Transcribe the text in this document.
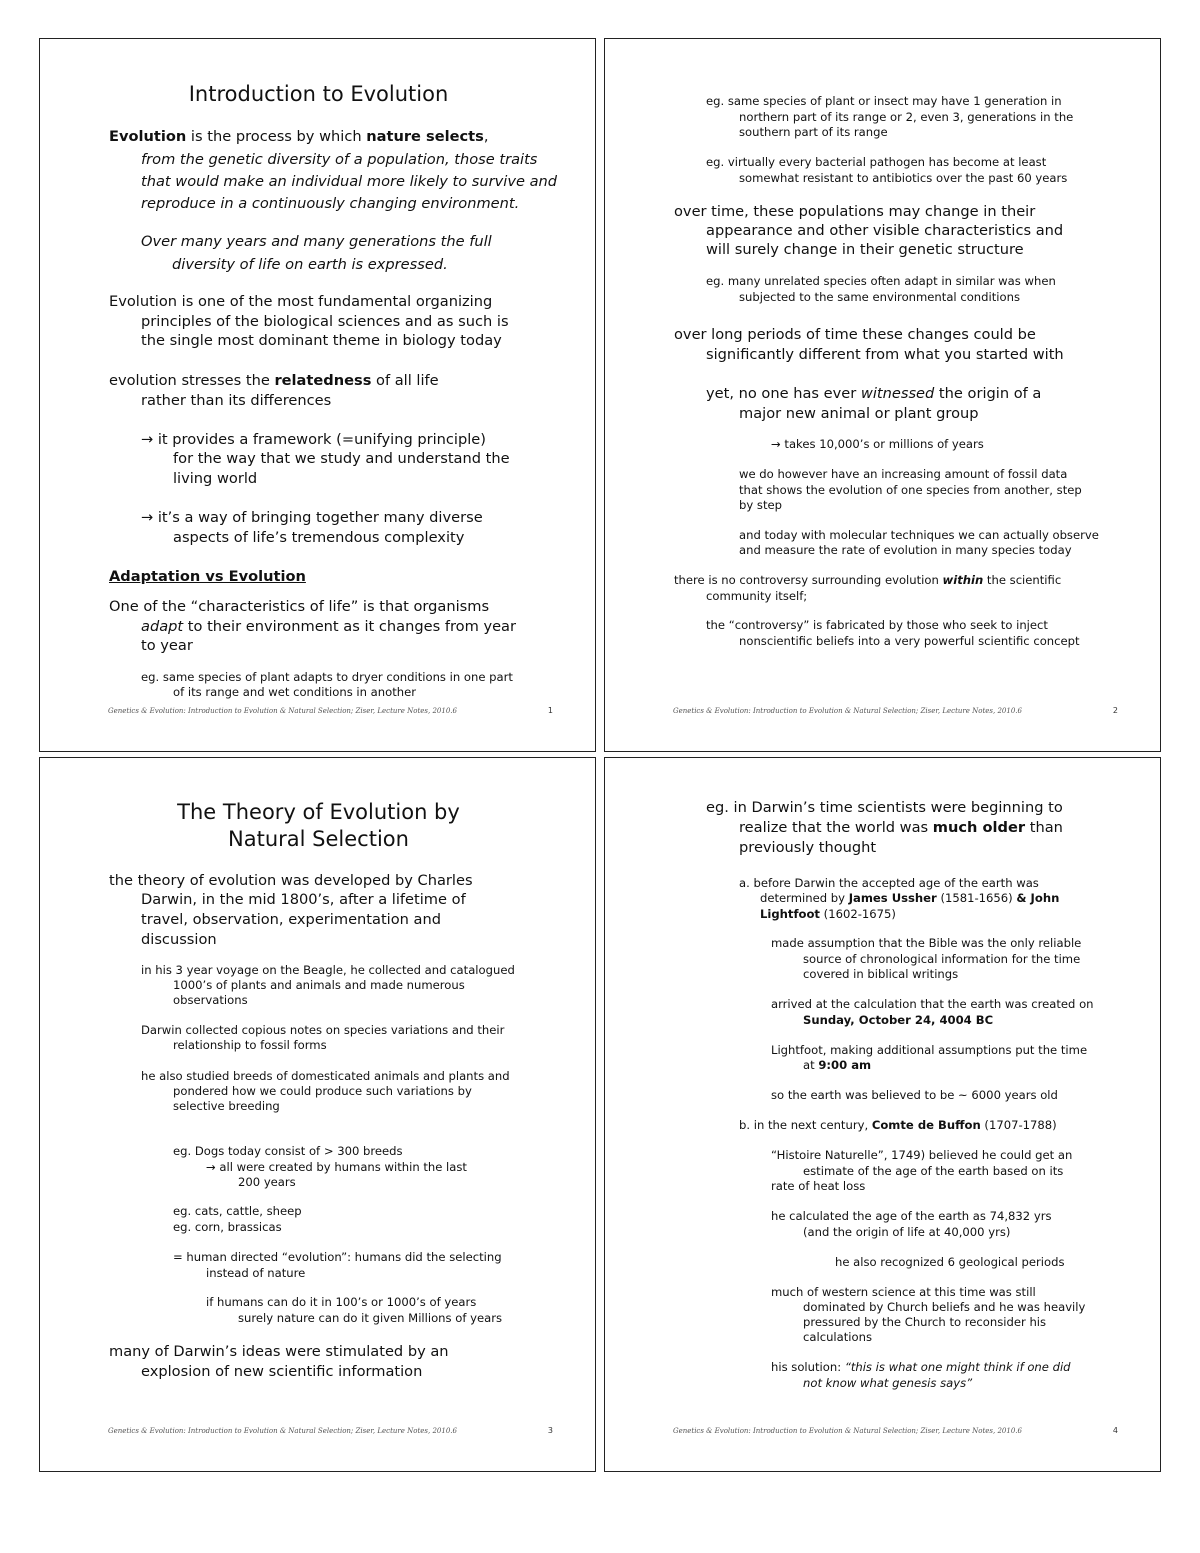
Introduction to Evolution

Evolution is the process by which nature selects,

from the genetic diversity of a population, those traits

that would make an individual more likely to survive and

reproduce in a continuously changing environment.

Over many years and many generations the full

diversity of life on earth is expressed.

Evolution is one of the most fundamental organizing

principles of the biological sciences and as such is

the single most dominant theme in biology today

evolution stresses the relatedness of all life

rather than its differences

→ it provides a framework (=unifying principle)

for the way that we study and understand the

living world

→ it’s a way of bringing together many diverse

aspects of life’s tremendous complexity

Adaptation vs Evolution

One of the “characteristics of life” is that organisms

adapt to their environment as it changes from year

to year

eg. same species of plant adapts to dryer conditions in one part

of its range and wet conditions in another

Genetics & Evolution: Introduction to Evolution & Natural Selection; Ziser, Lecture Notes, 2010.6	1

eg. same species of plant or insect may have 1 generation in

northern part of its range or 2, even 3, generations in the

southern part of its range

eg. virtually every bacterial pathogen has become at least

somewhat resistant to antibiotics over the past 60 years

over time, these populations may change in their

appearance and other visible characteristics and

will surely change in their genetic structure

eg. many unrelated species often adapt in similar was when

subjected to the same environmental conditions

over long periods of time these changes could be

significantly different from what you started with

yet, no one has ever witnessed the origin of a

major new animal or plant group

→ takes 10,000’s or millions of years

we do however have an increasing amount of fossil data

that shows the evolution of one species from another, step

by step

and today with molecular techniques we can actually observe

and measure the rate of evolution in many species today

there is no controversy surrounding evolution within the scientific

community itself;

the “controversy” is fabricated by those who seek to inject

nonscientific beliefs into a very powerful scientific concept

Genetics & Evolution: Introduction to Evolution & Natural Selection; Ziser, Lecture Notes, 2010.6	2

The Theory of Evolution by

Natural Selection

the theory of evolution was developed by Charles

Darwin, in the mid 1800’s, after a lifetime of

travel, observation, experimentation and

discussion

in his 3 year voyage on the Beagle, he collected and catalogued

1000’s of plants and animals and made numerous

observations

Darwin collected copious notes on species variations and their

relationship to fossil forms

he also studied breeds of domesticated animals and plants and

pondered how we could produce such variations by

selective breeding

eg. Dogs today consist of > 300 breeds

→ all were created by humans within the last

200 years

eg. cats, cattle, sheep

eg. corn, brassicas

= human directed “evolution”: humans did the selecting

instead of nature

if humans can do it in 100’s or 1000’s of years

surely nature can do it given Millions of years

many of Darwin’s ideas were stimulated by an

explosion of new scientific information

Genetics & Evolution: Introduction to Evolution & Natural Selection; Ziser, Lecture Notes, 2010.6	3

eg. in Darwin’s time scientists were beginning to

realize that the world was much older than

previously thought

a. before Darwin the accepted age of the earth was

determined by James Ussher (1581-1656) & John

Lightfoot (1602-1675)

made assumption that the Bible was the only reliable

source of chronological information for the time

covered in biblical writings

arrived at the calculation that the earth was created on

Sunday, October 24, 4004 BC

Lightfoot, making additional assumptions put the time

at 9:00 am

so the earth was believed to be ~ 6000 years old

b. in the next century, Comte de Buffon (1707-1788)

“Histoire Naturelle”, 1749) believed he could get an

estimate of the age of the earth based on its

rate of heat loss

he calculated the age of the earth as 74,832 yrs

(and the origin of life at 40,000 yrs)

he also recognized 6 geological periods

much of western science at this time was still

dominated by Church beliefs and he was heavily

pressured by the Church to reconsider his

calculations

his solution: “this is what one might think if one did

not know what genesis says”

Genetics & Evolution: Introduction to Evolution & Natural Selection; Ziser, Lecture Notes, 2010.6	4
